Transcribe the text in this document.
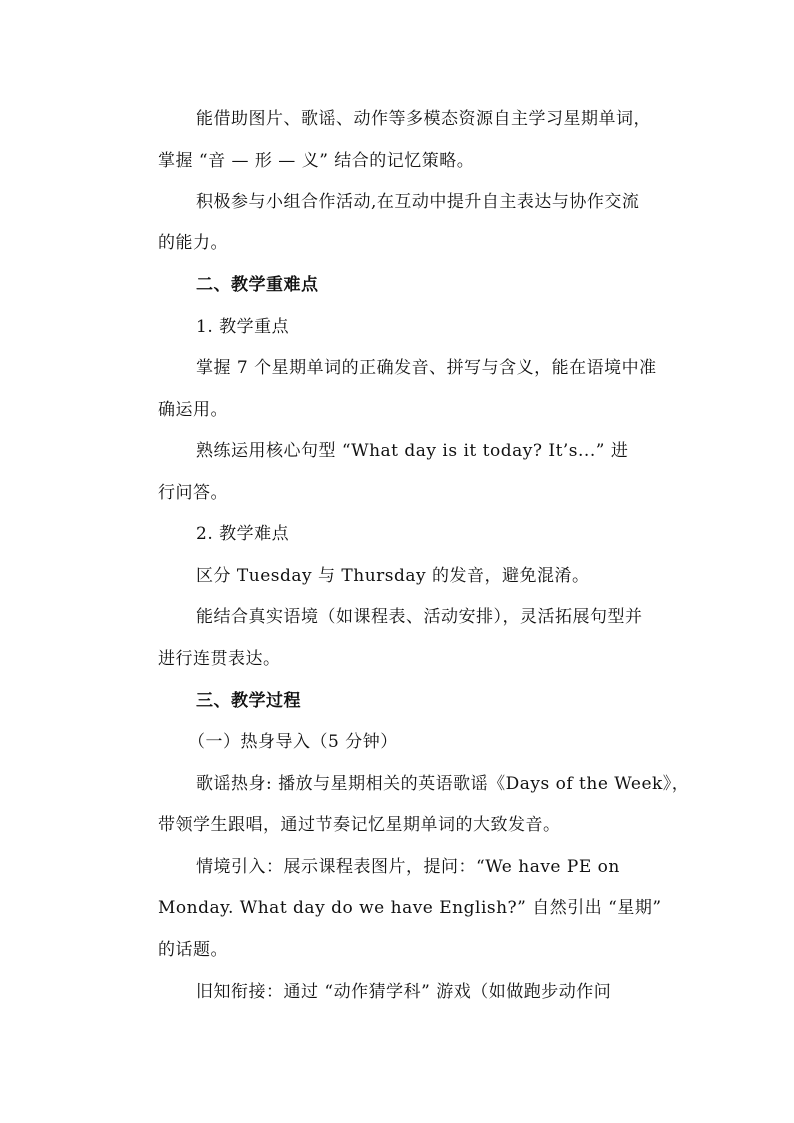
能借助图片、歌谣、动作等多模态资源自主学习星期单词，
掌握 “音 — 形 — 义” 结合的记忆策略。
积极参与小组合作活动,在互动中提升自主表达与协作交流
的能力。
二、教学重难点
1. 教学重点
掌握 7 个星期单词的正确发音、拼写与含义，能在语境中准
确运用。
熟练运用核心句型 “What day is it today? It’s...” 进
行问答。
2. 教学难点
区分 Tuesday 与 Thursday 的发音，避免混淆。
能结合真实语境（如课程表、活动安排），灵活拓展句型并
进行连贯表达。
三、教学过程
（一）热身导入（5 分钟）
歌谣热身: 播放与星期相关的英语歌谣《Days of the Week》，
带领学生跟唱，通过节奏记忆星期单词的大致发音。
情境引入：展示课程表图片，提问：“We have PE on
Monday. What day do we have English?” 自然引出 “星期”
的话题。
旧知衔接：通过 “动作猜学科” 游戏（如做跑步动作问
